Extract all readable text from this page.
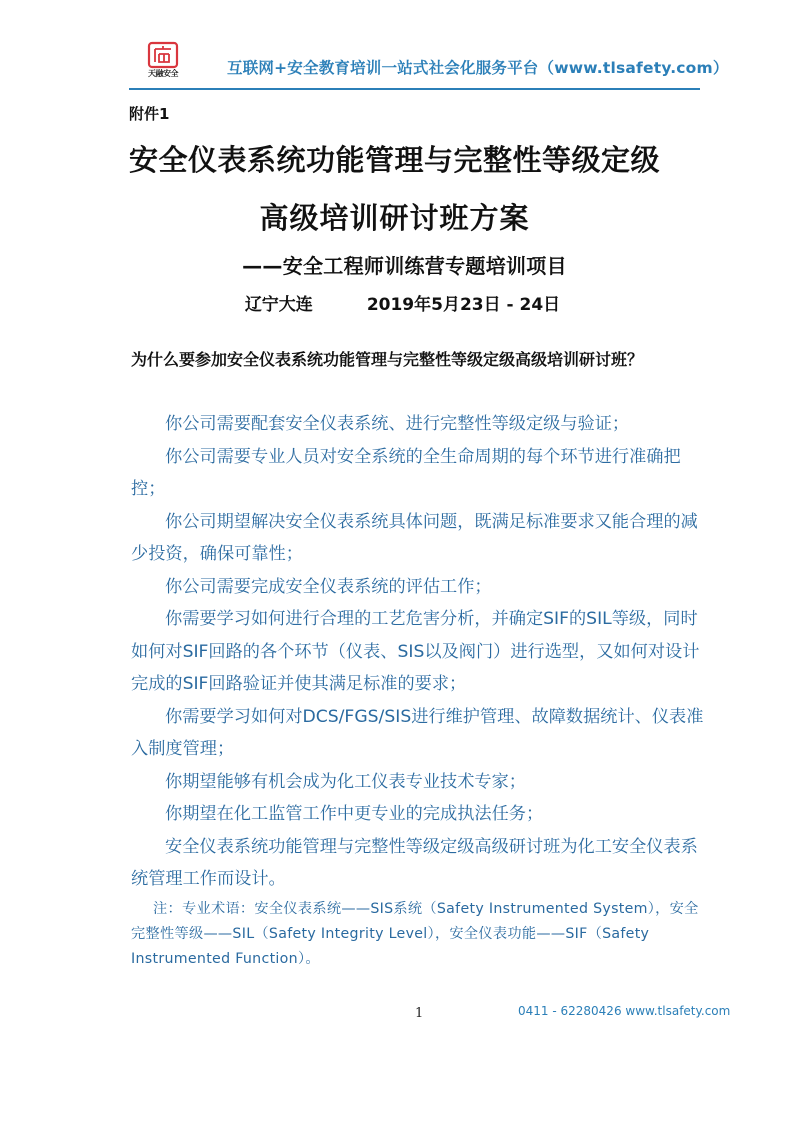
天融安全	互联网+安全教育培训一站式社会化服务平台（www.tlsafety.com）
附件1
安全仪表系统功能管理与完整性等级定级
高级培训研讨班方案
——安全工程师训练营专题培训项目
辽宁大连	2019年5月23日 - 24日
为什么要参加安全仪表系统功能管理与完整性等级定级高级培训研讨班？

你公司需要配套安全仪表系统、进行完整性等级定级与验证；

你公司需要专业人员对安全系统的全生命周期的每个环节进行准确把控；

你公司期望解决安全仪表系统具体问题，既满足标准要求又能合理的减少投资，确保可靠性；

你公司需要完成安全仪表系统的评估工作；

你需要学习如何进行合理的工艺危害分析，并确定SIF的SIL等级，同时如何对SIF回路的各个环节（仪表、SIS以及阀门）进行选型，又如何对设计完成的SIF回路验证并使其满足标准的要求；

你需要学习如何对DCS/FGS/SIS进行维护管理、故障数据统计、仪表准入制度管理；

你期望能够有机会成为化工仪表专业技术专家；

你期望在化工监管工作中更专业的完成执法任务；

安全仪表系统功能管理与完整性等级定级高级研讨班为化工安全仪表系统管理工作而设计。

注：专业术语：安全仪表系统——SIS系统（Safety Instrumented System），安全完整性等级——SIL（Safety Integrity Level），安全仪表功能——SIF（Safety Instrumented Function）。
1	0411 - 62280426 www.tlsafety.com
